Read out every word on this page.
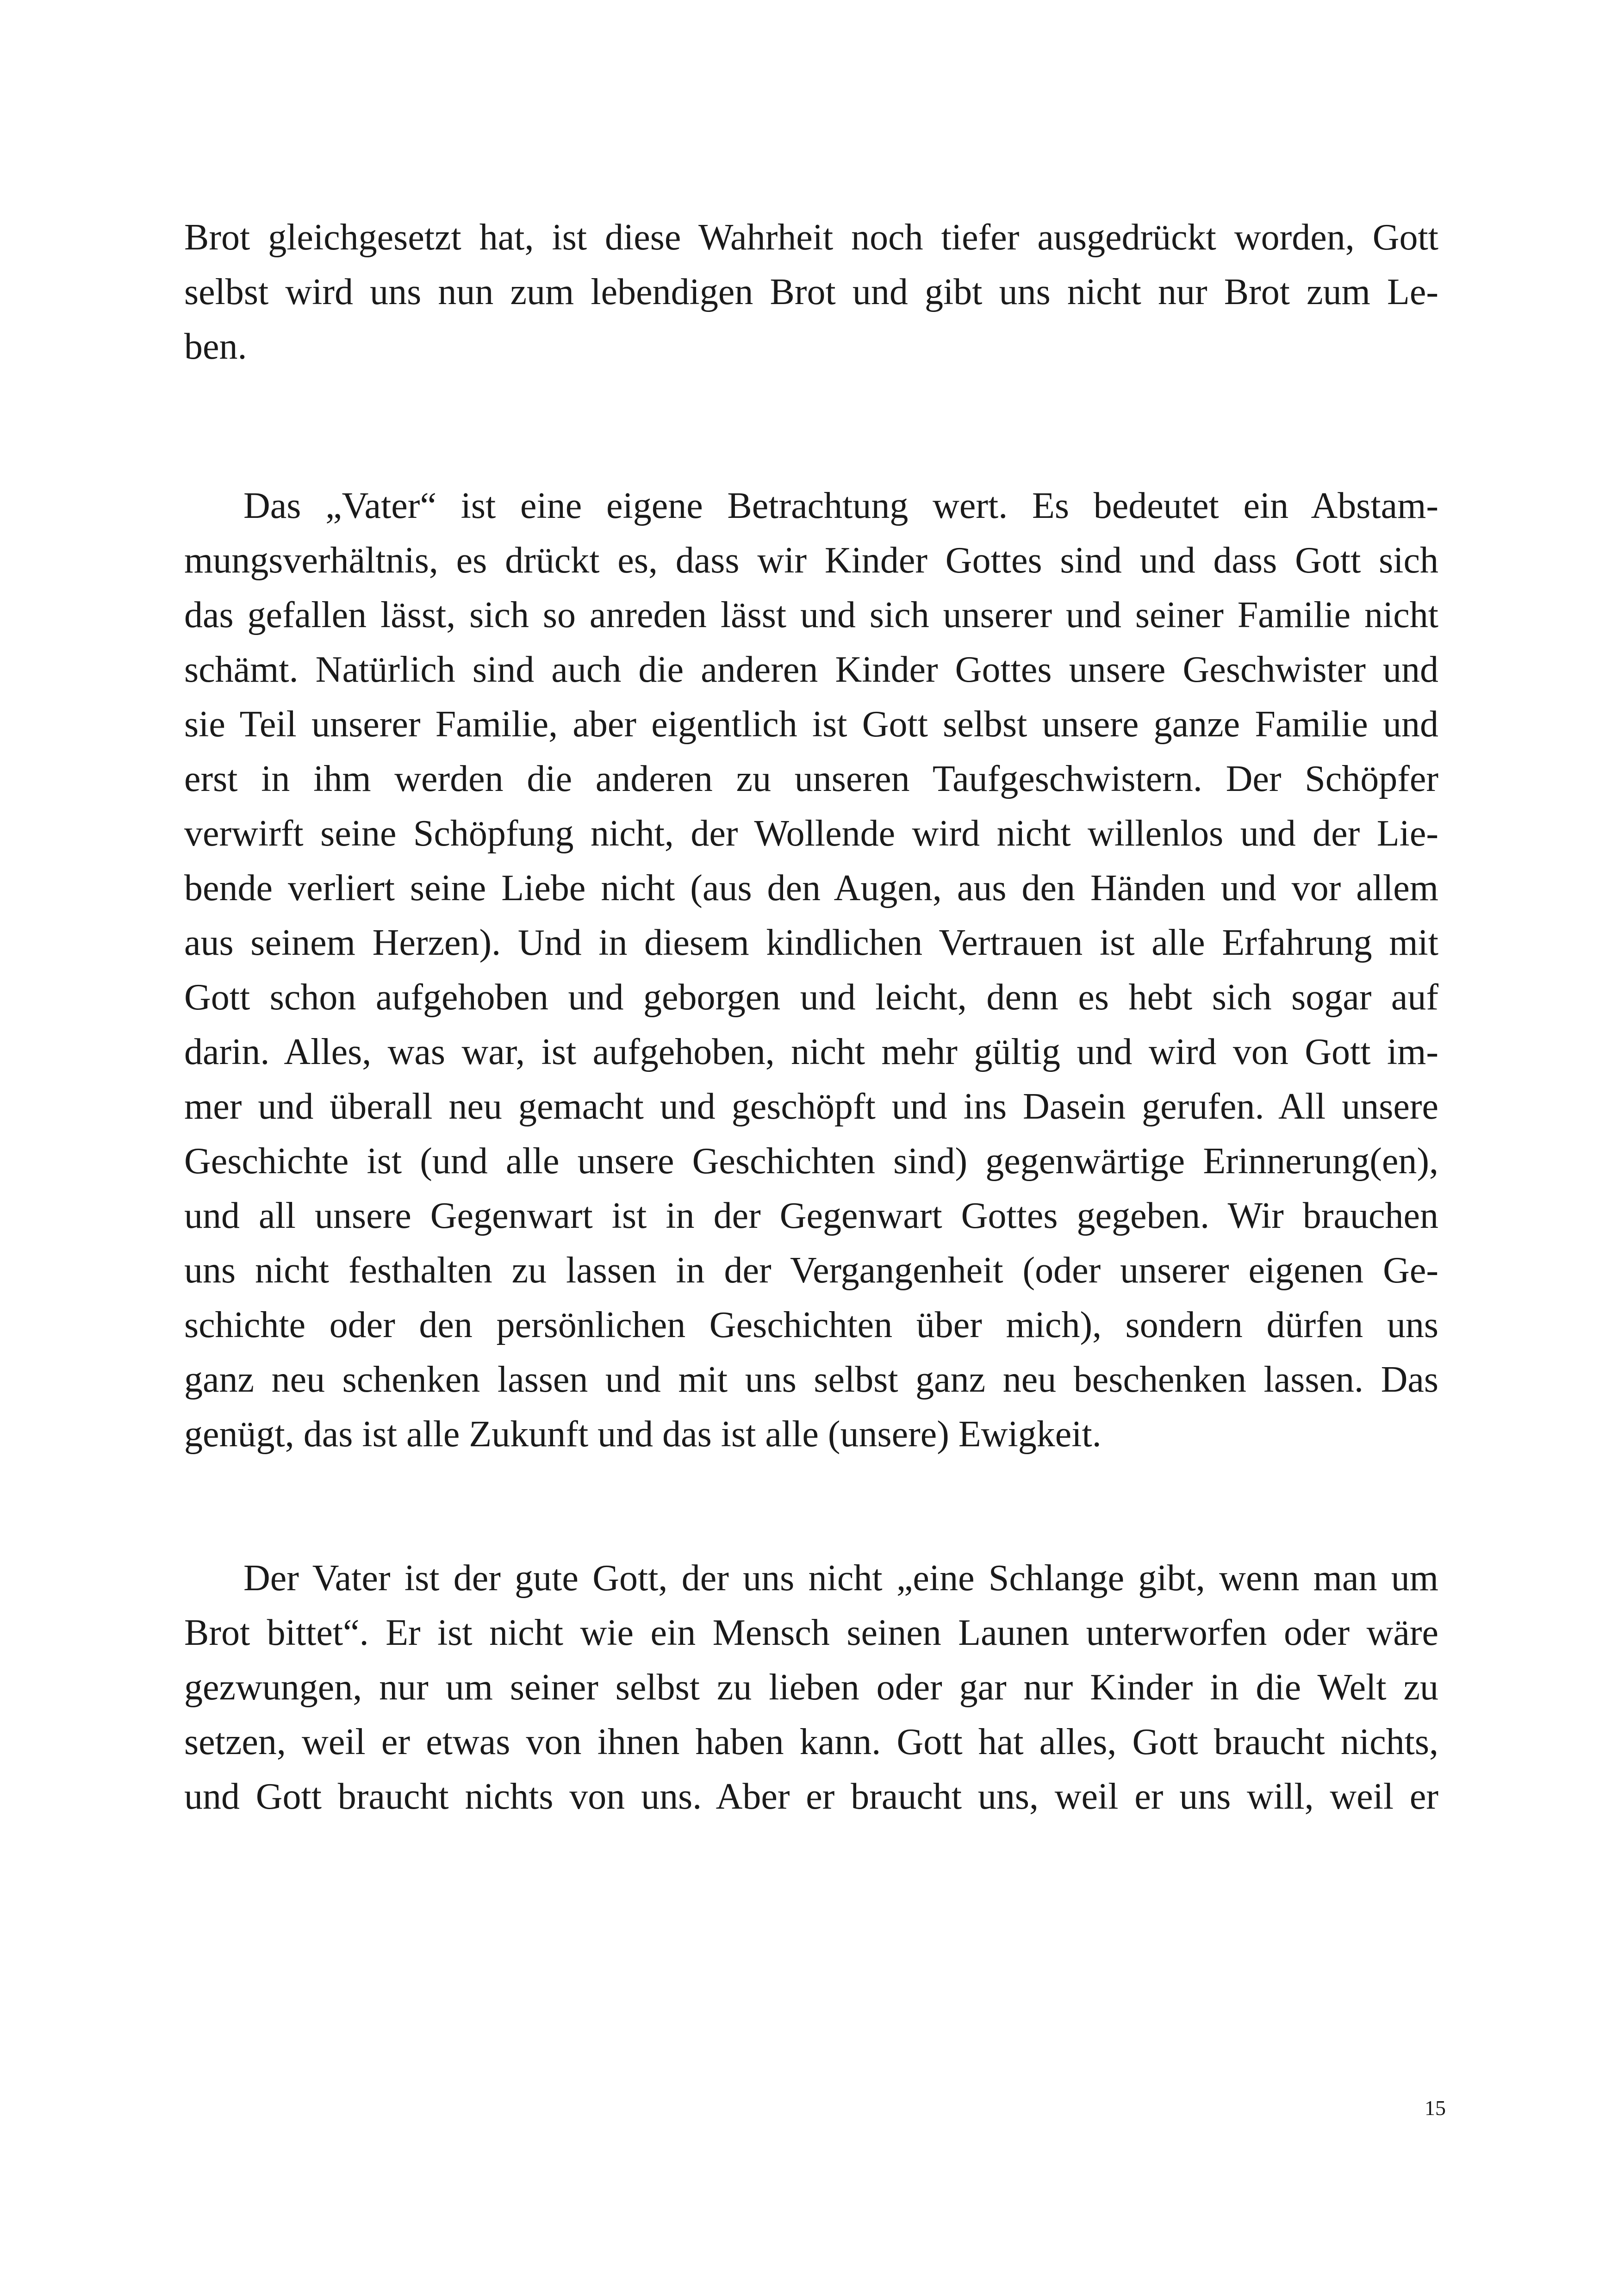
Brot gleichgesetzt hat, ist diese Wahrheit noch tiefer ausgedrückt worden, Gott
selbst wird uns nun zum lebendigen Brot und gibt uns nicht nur Brot zum Le-
ben.
Das „Vater“ ist eine eigene Betrachtung wert. Es bedeutet ein Abstam-
mungsverhältnis, es drückt es, dass wir Kinder Gottes sind und dass Gott sich
das gefallen lässt, sich so anreden lässt und sich unserer und seiner Familie nicht
schämt. Natürlich sind auch die anderen Kinder Gottes unsere Geschwister und
sie Teil unserer Familie, aber eigentlich ist Gott selbst unsere ganze Familie und
erst in ihm werden die anderen zu unseren Taufgeschwistern. Der Schöpfer
verwirft seine Schöpfung nicht, der Wollende wird nicht willenlos und der Lie-
bende verliert seine Liebe nicht (aus den Augen, aus den Händen und vor allem
aus seinem Herzen). Und in diesem kindlichen Vertrauen ist alle Erfahrung mit
Gott schon aufgehoben und geborgen und leicht, denn es hebt sich sogar auf
darin. Alles, was war, ist aufgehoben, nicht mehr gültig und wird von Gott im-
mer und überall neu gemacht und geschöpft und ins Dasein gerufen. All unsere
Geschichte ist (und alle unsere Geschichten sind) gegenwärtige Erinnerung(en),
und all unsere Gegenwart ist in der Gegenwart Gottes gegeben. Wir brauchen
uns nicht festhalten zu lassen in der Vergangenheit (oder unserer eigenen Ge-
schichte oder den persönlichen Geschichten über mich), sondern dürfen uns
ganz neu schenken lassen und mit uns selbst ganz neu beschenken lassen. Das
genügt, das ist alle Zukunft und das ist alle (unsere) Ewigkeit.
Der Vater ist der gute Gott, der uns nicht „eine Schlange gibt, wenn man um
Brot bittet“. Er ist nicht wie ein Mensch seinen Launen unterworfen oder wäre
gezwungen, nur um seiner selbst zu lieben oder gar nur Kinder in die Welt zu
setzen, weil er etwas von ihnen haben kann. Gott hat alles, Gott braucht nichts,
und Gott braucht nichts von uns. Aber er braucht uns, weil er uns will, weil er
15
